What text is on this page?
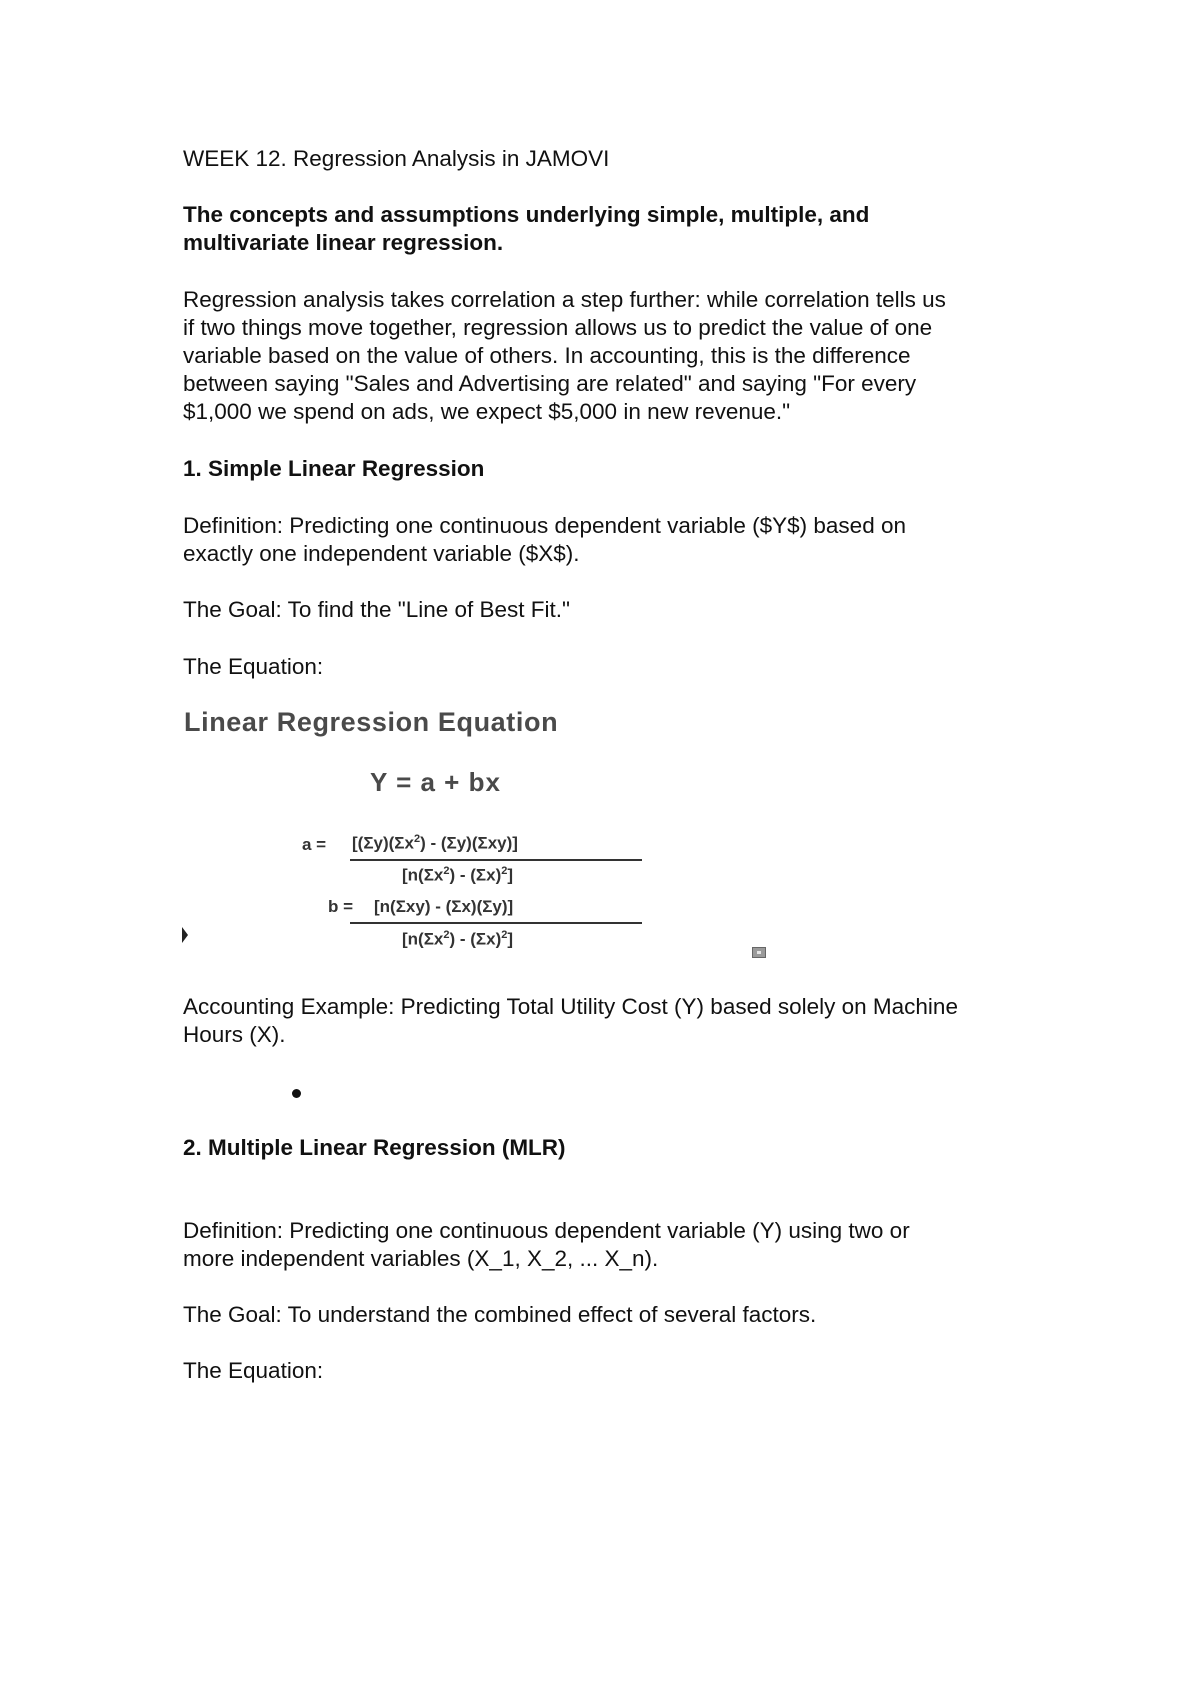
WEEK 12. Regression Analysis in JAMOVI

The concepts and assumptions underlying simple, multiple, and

multivariate linear regression.

Regression analysis takes correlation a step further: while correlation tells us

if two things move together, regression allows us to predict the value of one

variable based on the value of others. In accounting, this is the difference

between saying "Sales and Advertising are related" and saying "For every

$1,000 we spend on ads, we expect $5,000 in new revenue."

1. Simple Linear Regression

Definition: Predicting one continuous dependent variable ($Y$) based on

exactly one independent variable ($X$).

The Goal: To find the "Line of Best Fit."

The Equation:

Linear Regression Equation
Y = a + bx
$a = [(\Sigma y)(\Sigma x^2) - (\Sigma y)(\Sigma xy)]$
$[n(\Sigma x^2) - (\Sigma x)^2]$
b = [n(Σxy) - (Σx)(Σy)]
$[n(\Sigma x^2) - (\Sigma x)^2]$

Accounting Example: Predicting Total Utility Cost (Y) based solely on Machine

Hours (X).

2. Multiple Linear Regression (MLR)

Definition: Predicting one continuous dependent variable (Y) using two or

more independent variables (X_1, X_2, ... X_n).

The Goal: To understand the combined effect of several factors.

The Equation:
